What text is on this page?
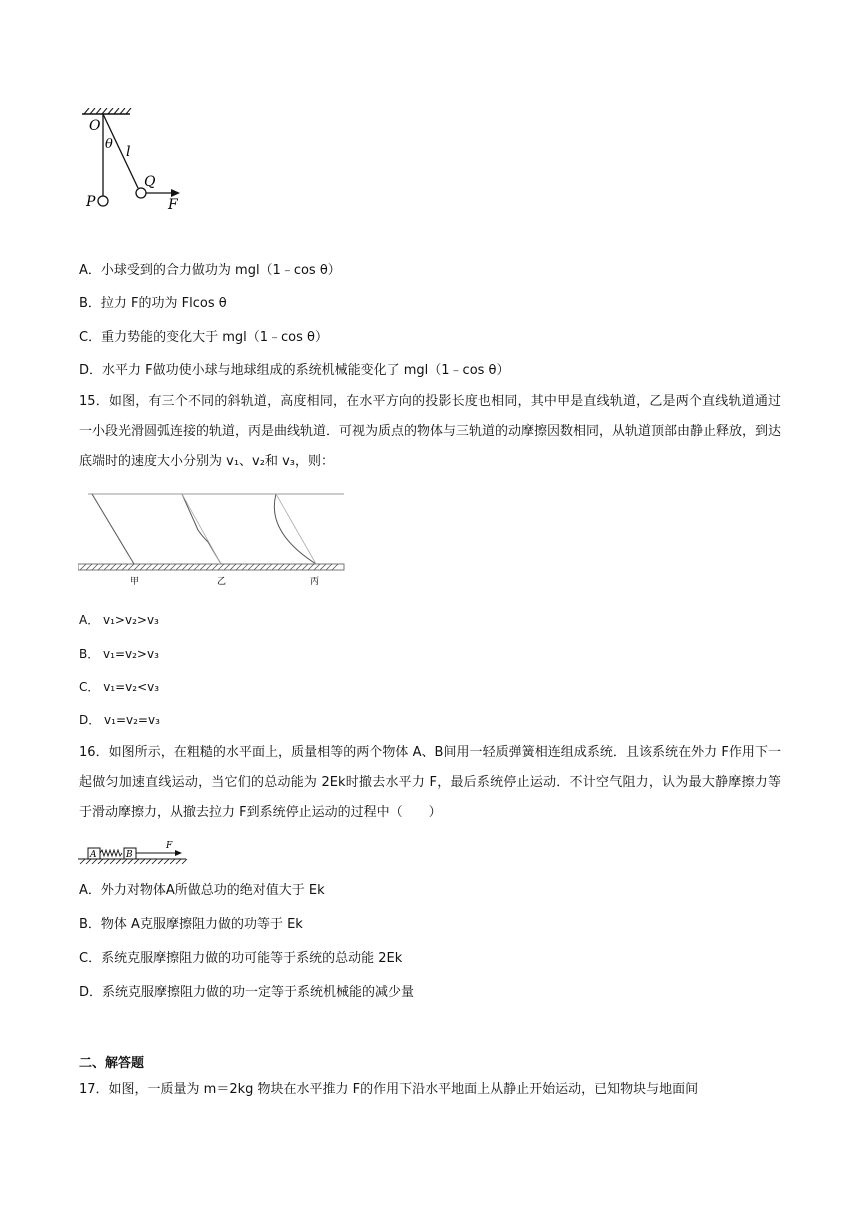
O
θ l
Q
P	F
A．小球受到的合力做功为 mgl（1﹣cos θ）
B．拉力 F的功为 Flcos θ
C．重力势能的变化大于 mgl（1﹣cos θ）
D．水平力 F做功使小球与地球组成的系统机械能变化了 mgl（1﹣cos θ）
15．如图，有三个不同的斜轨道，高度相同，在水平方向的投影长度也相同，其中甲是直线轨道，乙是两个直线轨道通过一小段光滑圆弧连接的轨道，丙是曲线轨道．可视为质点的物体与三轨道的动摩擦因数相同，从轨道顶部由静止释放，到达底端时的速度大小分别为 v₁、v₂和 v₃，则：
甲	乙	丙
A． v₁>v₂>v₃
B． v₁=v₂>v₃
C． v₁=v₂<v₃
D． v₁=v₂=v₃
16．如图所示，在粗糙的水平面上，质量相等的两个物体 A、B间用一轻质弹簧相连组成系统．且该系统在外力 F作用下一起做匀加速直线运动，当它们的总动能为 2Ek时撤去水平力 F，最后系统停止运动．不计空气阻力，认为最大静摩擦力等于滑动摩擦力，从撤去拉力 F到系统停止运动的过程中（　　）
A	B
F
A．外力对物体A所做总功的绝对值大于 Ek
B．物体 A克服摩擦阻力做的功等于 Ek
C．系统克服摩擦阻力做的功可能等于系统的总动能 2Ek
D．系统克服摩擦阻力做的功一定等于系统机械能的减少量
二、解答题
17．如图，一质量为 m＝2kg 物块在水平推力 F的作用下沿水平地面上从静止开始运动，已知物块与地面间
